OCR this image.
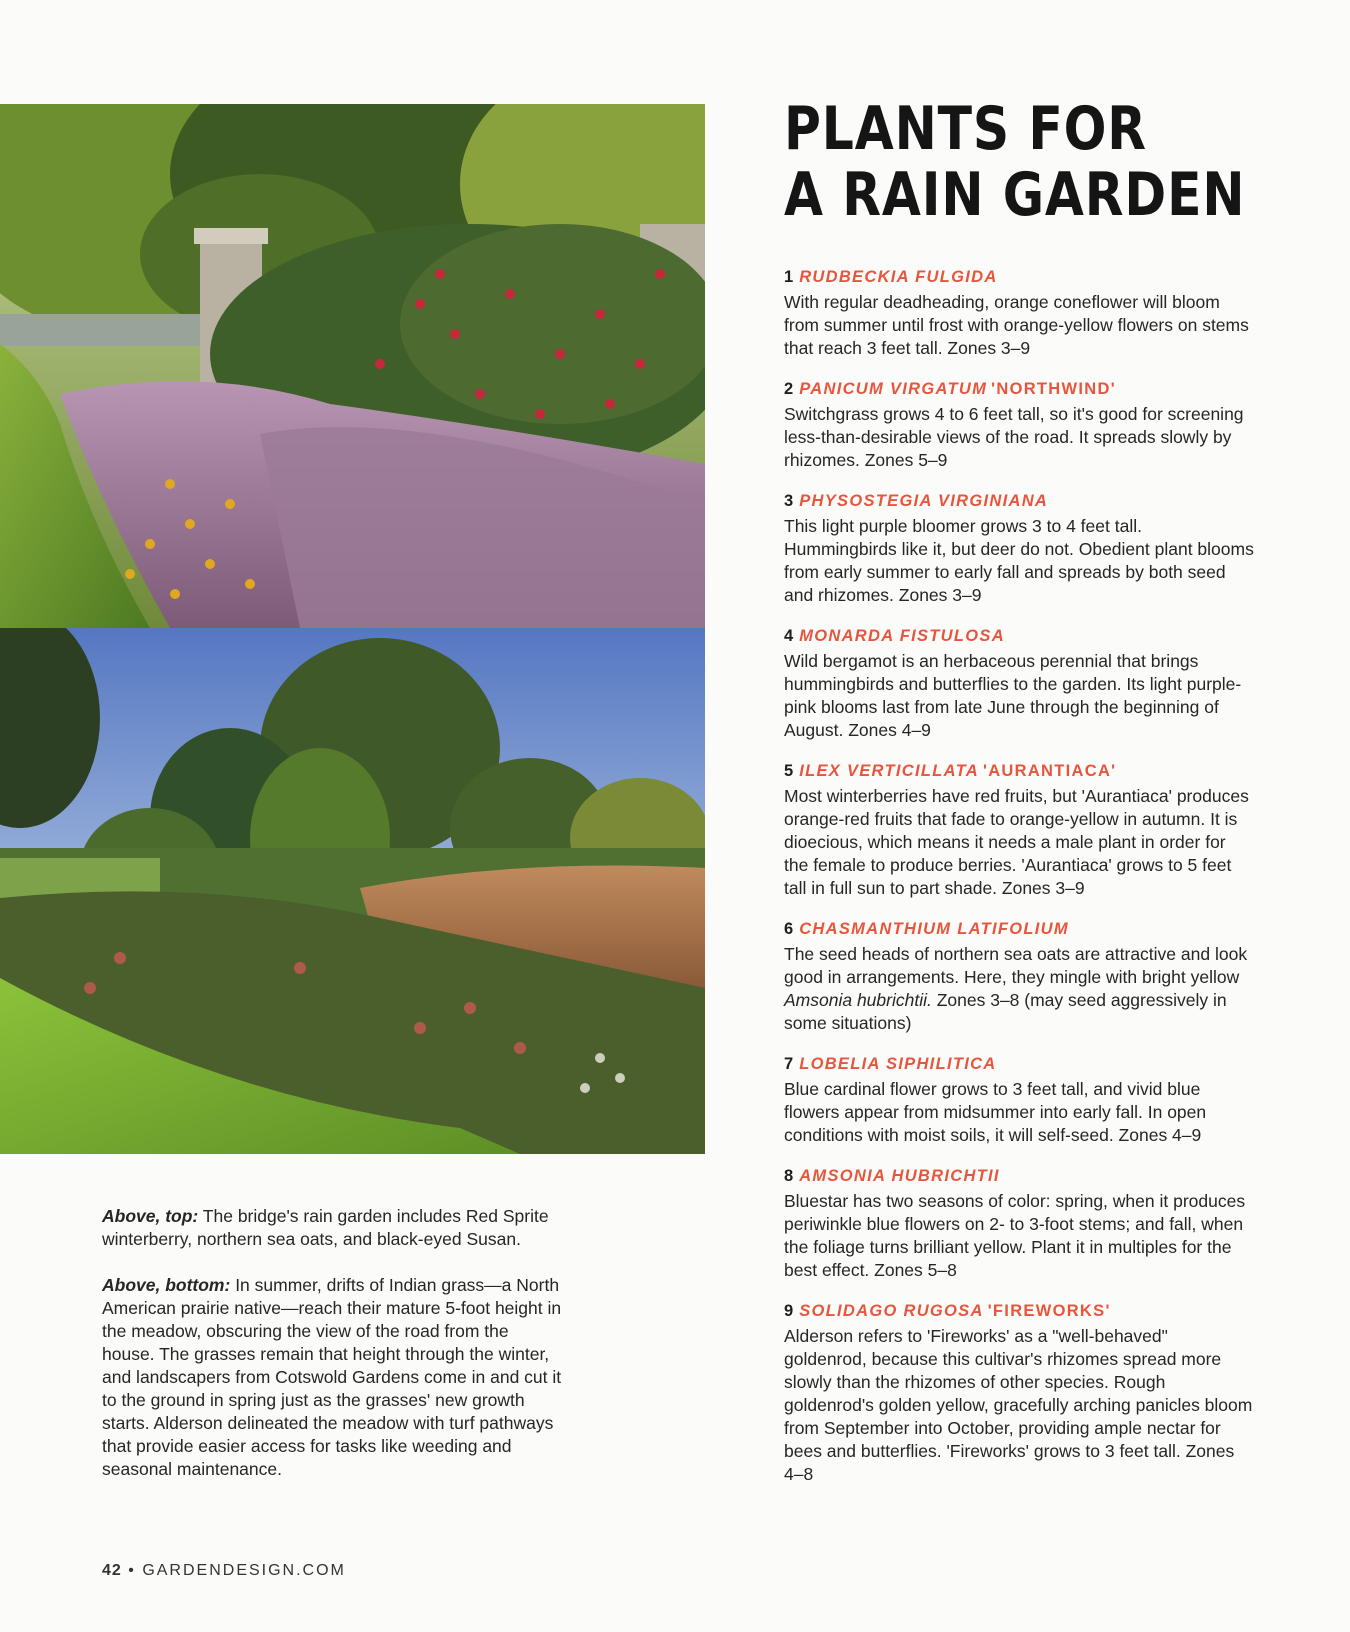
Above, top: The bridge's rain garden includes Red Sprite winterberry, northern sea oats, and black-eyed Susan.

Above, bottom: In summer, drifts of Indian grass—a North American prairie native—reach their mature 5-foot height in the meadow, obscuring the view of the road from the house. The grasses remain that height through the winter, and landscapers from Cotswold Gardens come in and cut it to the ground in spring just as the grasses' new growth starts. Alderson delineated the meadow with turf pathways that provide easier access for tasks like weeding and seasonal maintenance.

42 • GARDENDESIGN.COM
PLANTS FOR
A RAIN GARDEN
1 RUDBECKIA FULGIDA
With regular deadheading, orange coneflower will bloom from summer until frost with orange-yellow flowers on stems that reach 3 feet tall. Zones 3–9
2 PANICUM VIRGATUM 'NORTHWIND'
Switchgrass grows 4 to 6 feet tall, so it's good for screening less-than-desirable views of the road. It spreads slowly by rhizomes. Zones 5–9
3 PHYSOSTEGIA VIRGINIANA
This light purple bloomer grows 3 to 4 feet tall. Hummingbirds like it, but deer do not. Obedient plant blooms from early summer to early fall and spreads by both seed and rhizomes. Zones 3–9
4 MONARDA FISTULOSA
Wild bergamot is an herbaceous perennial that brings hummingbirds and butterflies to the garden. Its light purple-pink blooms last from late June through the beginning of August. Zones 4–9
5 ILEX VERTICILLATA 'AURANTIACA'
Most winterberries have red fruits, but 'Aurantiaca' produces orange-red fruits that fade to orange-yellow in autumn. It is dioecious, which means it needs a male plant in order for the female to produce berries. 'Aurantiaca' grows to 5 feet tall in full sun to part shade. Zones 3–9
6 CHASMANTHIUM LATIFOLIUM
The seed heads of northern sea oats are attractive and look good in arrangements. Here, they mingle with bright yellow Amsonia hubrichtii. Zones 3–8 (may seed aggressively in some situations)
7 LOBELIA SIPHILITICA
Blue cardinal flower grows to 3 feet tall, and vivid blue flowers appear from midsummer into early fall. In open conditions with moist soils, it will self-seed. Zones 4–9
8 AMSONIA HUBRICHTII
Bluestar has two seasons of color: spring, when it produces periwinkle blue flowers on 2- to 3-foot stems; and fall, when the foliage turns brilliant yellow. Plant it in multiples for the best effect. Zones 5–8
9 SOLIDAGO RUGOSA 'FIREWORKS'
Alderson refers to 'Fireworks' as a "well-behaved" goldenrod, because this cultivar's rhizomes spread more slowly than the rhizomes of other species. Rough goldenrod's golden yellow, gracefully arching panicles bloom from September into October, providing ample nectar for bees and butterflies. 'Fireworks' grows to 3 feet tall. Zones 4–8
